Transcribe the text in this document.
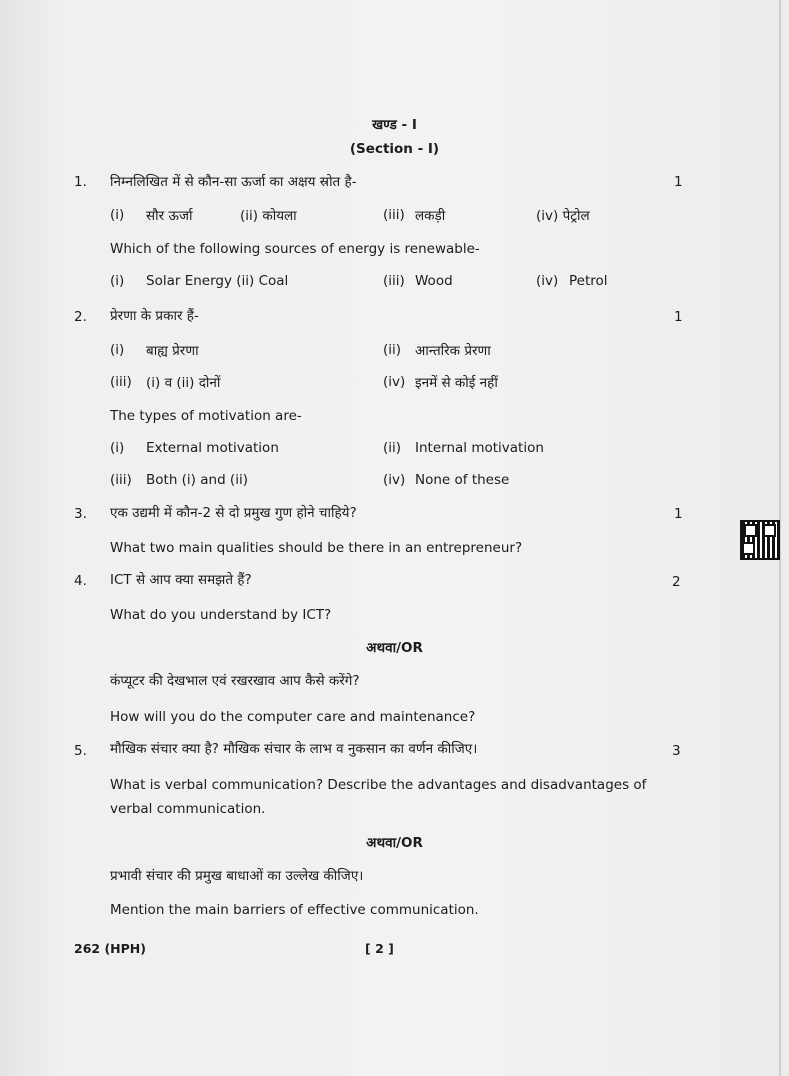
खण्ड - I
(Section - I)
1. निम्नलिखित में से कौन-सा ऊर्जा का अक्षय स्रोत है-	1
(i) सौर ऊर्जा	(ii) कोयला	(iii) लकड़ी	(iv) पेट्रोल
Which of the following sources of energy is renewable-
(i) Solar Energy (ii) Coal	(iii) Wood	(iv) Petrol
2. प्रेरणा के प्रकार हैं-	1
(i) बाह्य प्रेरणा	(ii) आन्तरिक प्रेरणा
(iii) (i) व (ii) दोनों	(iv) इनमें से कोई नहीं
The types of motivation are-
(i) External motivation	(ii) Internal motivation
(iii) Both (i) and (ii)	(iv) None of these
3. एक उद्यमी में कौन-2 से दो प्रमुख गुण होने चाहिये?	1
What two main qualities should be there in an entrepreneur?
4. ICT से आप क्या समझते हैं?	2
What do you understand by ICT?
अथवा/OR
कंप्यूटर की देखभाल एवं रखरखाव आप कैसे करेंगे?
How will you do the computer care and maintenance?
5. मौखिक संचार क्या है? मौखिक संचार के लाभ व नुकसान का वर्णन कीजिए।	3
What is verbal communication? Describe the advantages and disadvantages of
verbal communication.
अथवा/OR
प्रभावी संचार की प्रमुख बाधाओं का उल्लेख कीजिए।
Mention the main barriers of effective communication.
262 (HPH)	[ 2 ]
